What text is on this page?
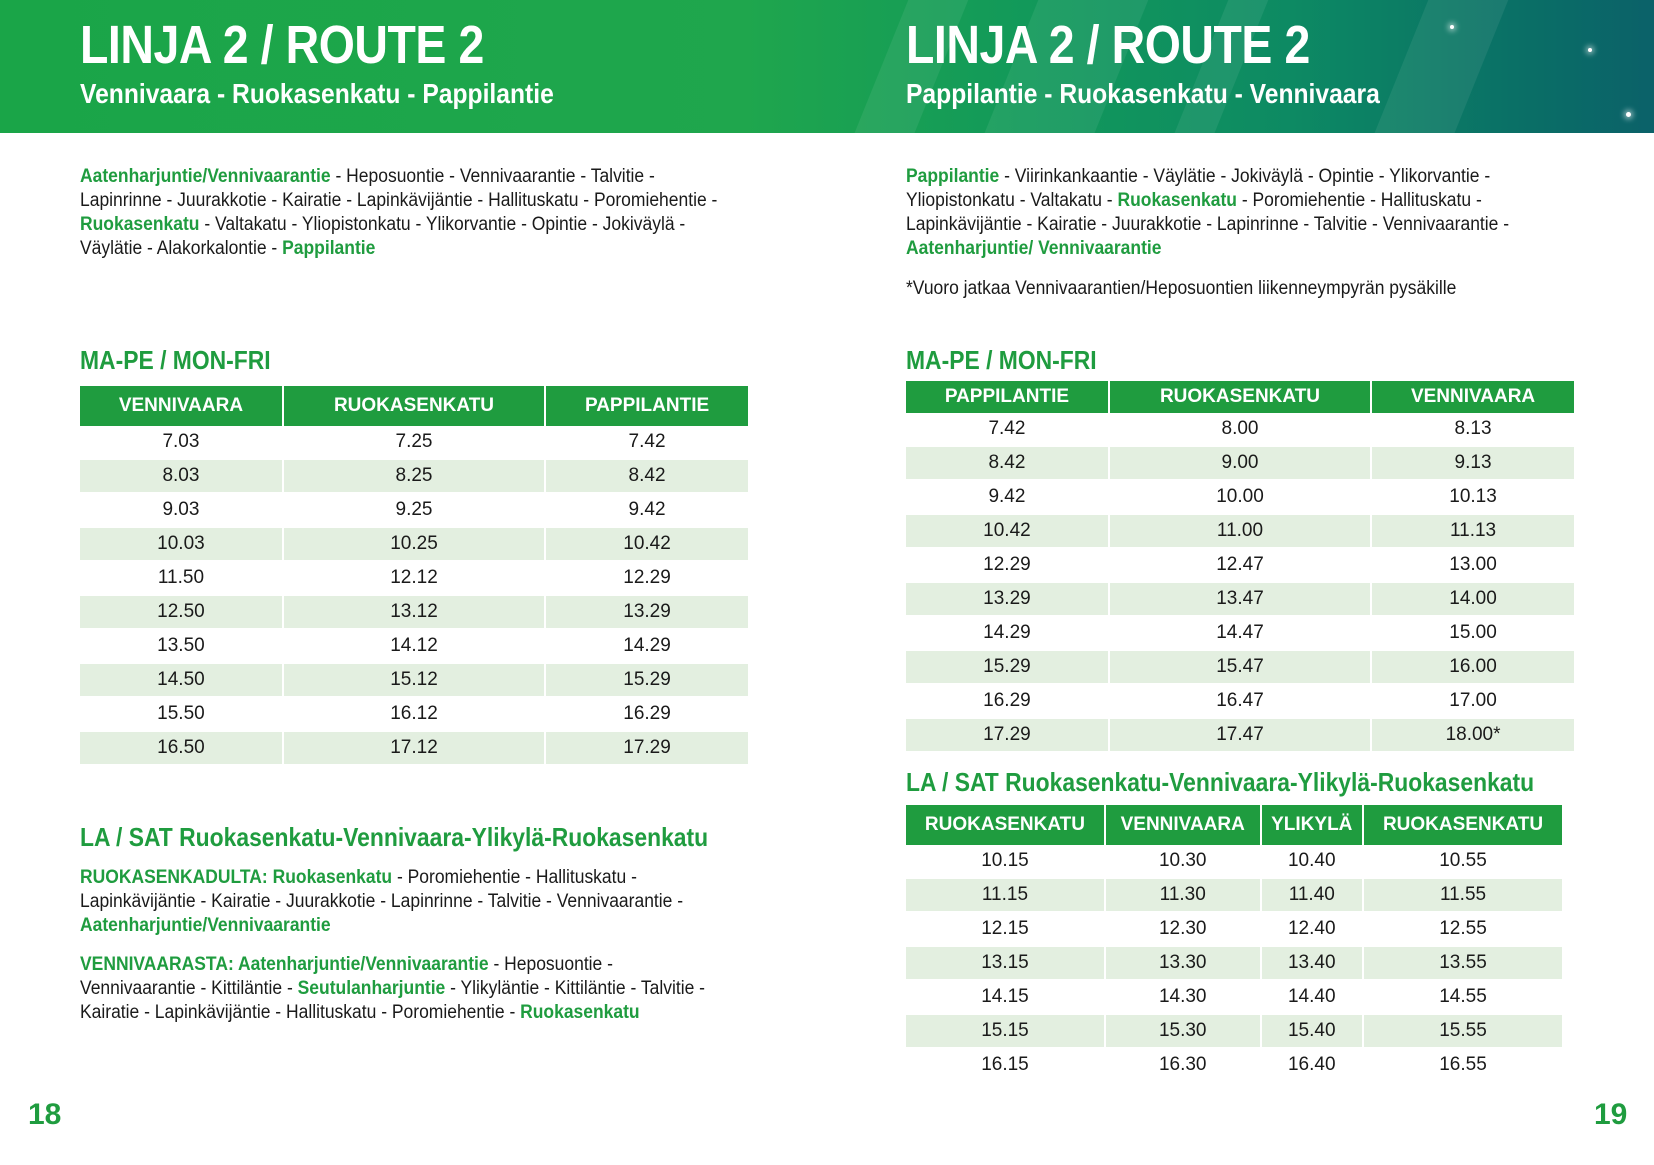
LINJA 2 / ROUTE 2
Vennivaara - Ruokasenkatu - Pappilantie
Aatenharjuntie/Vennivaarantie - Heposuontie - Vennivaarantie - Talvitie - Lapinrinne - Juurakkotie - Kairatie - Lapinkävijäntie - Hallituskatu - Poromiehentie - Ruokasenkatu - Valtakatu - Yliopistonkatu - Ylikorvantie - Opintie - Jokiväylä - Väylätie - Alakorkalontie - Pappilantie
MA-PE / MON-FRI
VENNIVAARA	RUOKASENKATU	PAPPILANTIE
7.03	7.25	7.42
8.03	8.25	8.42
9.03	9.25	9.42
10.03	10.25	10.42
11.50	12.12	12.29
12.50	13.12	13.29
13.50	14.12	14.29
14.50	15.12	15.29
15.50	16.12	16.29
16.50	17.12	17.29
LA / SAT Ruokasenkatu-Vennivaara-Ylikylä-Ruokasenkatu
RUOKASENKADULTA: Ruokasenkatu - Poromiehentie - Hallituskatu - Lapinkävijäntie - Kairatie - Juurakkotie - Lapinrinne - Talvitie - Vennivaarantie - Aatenharjuntie/Vennivaarantie
VENNIVAARASTA: Aatenharjuntie/Vennivaarantie - Heposuontie - Vennivaarantie - Kittiläntie - Seutulanharjuntie - Ylikyläntie - Kittiläntie - Talvitie - Kairatie - Lapinkävijäntie - Hallituskatu - Poromiehentie - Ruokasenkatu
18
LINJA 2 / ROUTE 2
Pappilantie - Ruokasenkatu - Vennivaara
Pappilantie - Viirinkankaantie - Väylätie - Jokiväylä - Opintie - Ylikorvantie - Yliopistonkatu - Valtakatu - Ruokasenkatu - Poromiehentie - Hallituskatu - Lapinkävijäntie - Kairatie - Juurakkotie - Lapinrinne - Talvitie - Vennivaarantie - Aatenharjuntie/ Vennivaarantie
*Vuoro jatkaa Vennivaarantien/Heposuontien liikenneympyrän pysäkille
MA-PE / MON-FRI
PAPPILANTIE	RUOKASENKATU	VENNIVAARA
7.42	8.00	8.13
8.42	9.00	9.13
9.42	10.00	10.13
10.42	11.00	11.13
12.29	12.47	13.00
13.29	13.47	14.00
14.29	14.47	15.00
15.29	15.47	16.00
16.29	16.47	17.00
17.29	17.47	18.00*
LA / SAT Ruokasenkatu-Vennivaara-Ylikylä-Ruokasenkatu
RUOKASENKATU	VENNIVAARA	YLIKYLÄ	RUOKASENKATU
10.15	10.30	10.40	10.55
11.15	11.30	11.40	11.55
12.15	12.30	12.40	12.55
13.15	13.30	13.40	13.55
14.15	14.30	14.40	14.55
15.15	15.30	15.40	15.55
16.15	16.30	16.40	16.55
19
